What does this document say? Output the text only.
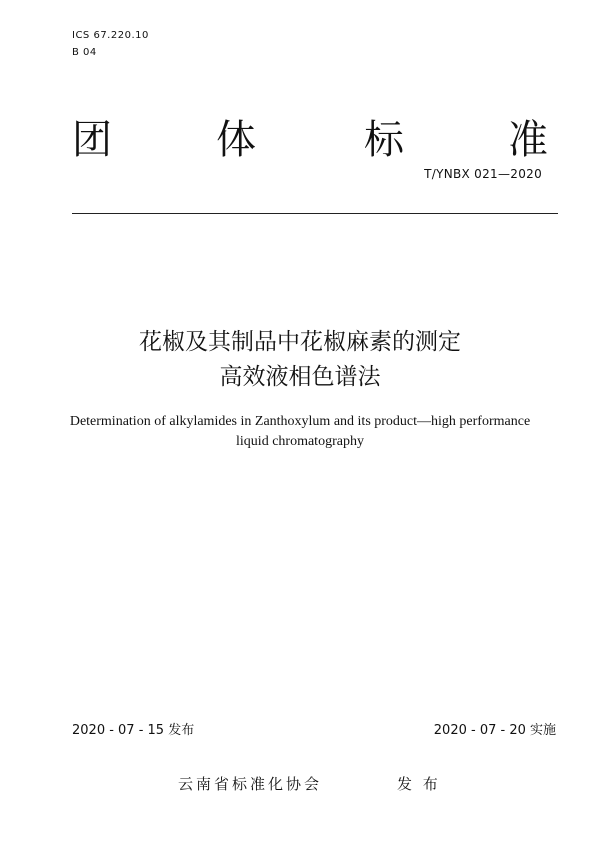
ICS 67.220.10
B 04
团	体	标	准
T/YNBX 021—2020
花椒及其制品中花椒麻素的测定
高效液相色谱法
Determination of alkylamides in Zanthoxylum and its product—high performance
liquid chromatography
2020 - 07 - 15 发布	2020 - 07 - 20 实施
云南省标准化协会	发 布
